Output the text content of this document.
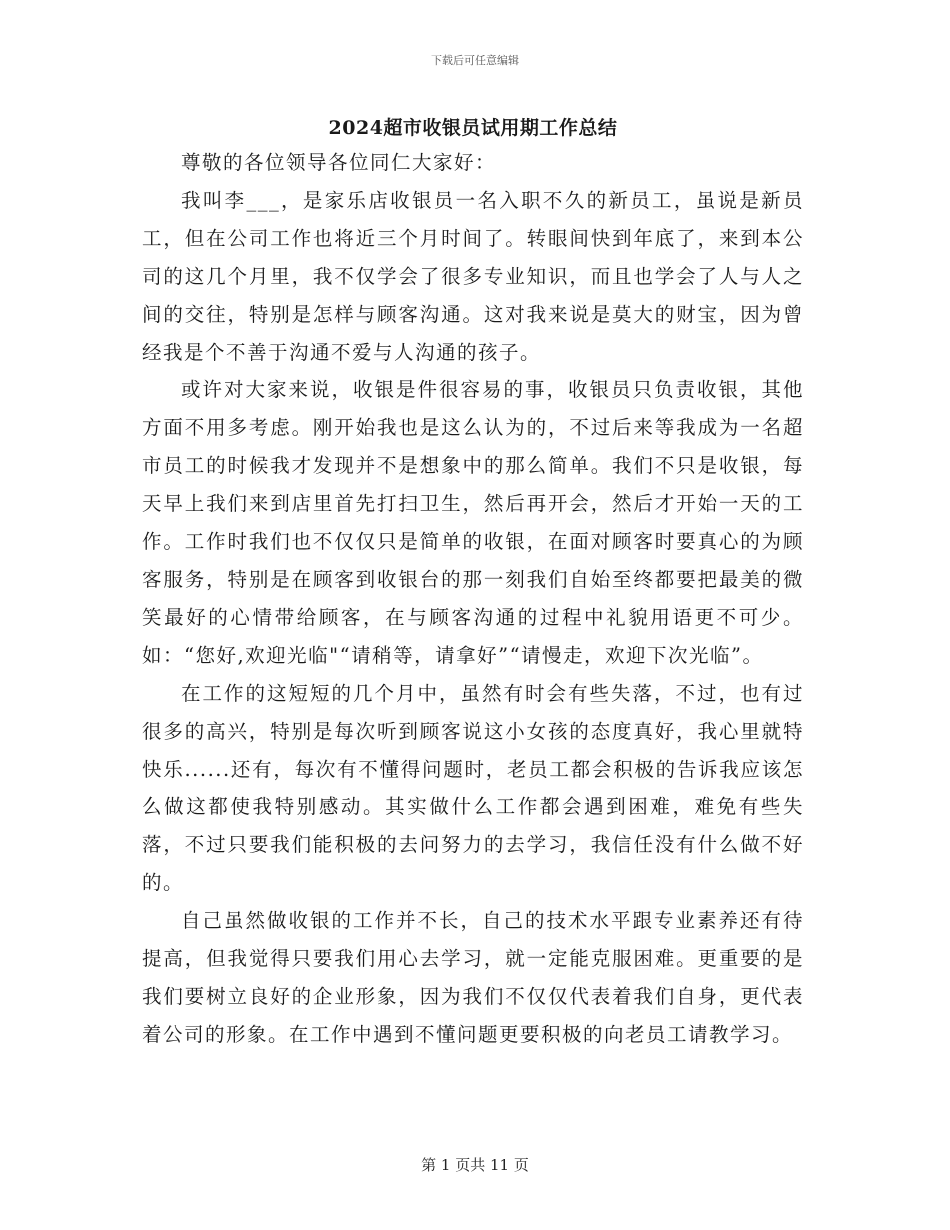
下载后可任意编辑
2024超市收银员试用期工作总结

尊敬的各位领导各位同仁大家好：

我叫李___，是家乐店收银员一名入职不久的新员工，虽说是新员工，但在公司工作也将近三个月时间了。转眼间快到年底了，来到本公司的这几个月里，我不仅学会了很多专业知识，而且也学会了人与人之间的交往，特别是怎样与顾客沟通。这对我来说是莫大的财宝，因为曾经我是个不善于沟通不爱与人沟通的孩子。

或许对大家来说，收银是件很容易的事，收银员只负责收银，其他方面不用多考虑。刚开始我也是这么认为的，不过后来等我成为一名超市员工的时候我才发现并不是想象中的那么简单。我们不只是收银，每天早上我们来到店里首先打扫卫生，然后再开会，然后才开始一天的工作。工作时我们也不仅仅只是简单的收银，在面对顾客时要真心的为顾客服务，特别是在顾客到收银台的那一刻我们自始至终都要把最美的微笑最好的心情带给顾客，在与顾客沟通的过程中礼貌用语更不可少。如：“您好,欢迎光临"“请稍等，请拿好”“请慢走，欢迎下次光临”。

在工作的这短短的几个月中，虽然有时会有些失落，不过，也有过很多的高兴，特别是每次听到顾客说这小女孩的态度真好，我心里就特快乐......还有，每次有不懂得问题时，老员工都会积极的告诉我应该怎么做这都使我特别感动。其实做什么工作都会遇到困难，难免有些失落，不过只要我们能积极的去问努力的去学习，我信任没有什么做不好的。

自己虽然做收银的工作并不长，自己的技术水平跟专业素养还有待提高，但我觉得只要我们用心去学习，就一定能克服困难。更重要的是我们要树立良好的企业形象，因为我们不仅仅代表着我们自身，更代表着公司的形象。在工作中遇到不懂问题更要积极的向老员工请教学习。

第 1 页共 11 页
